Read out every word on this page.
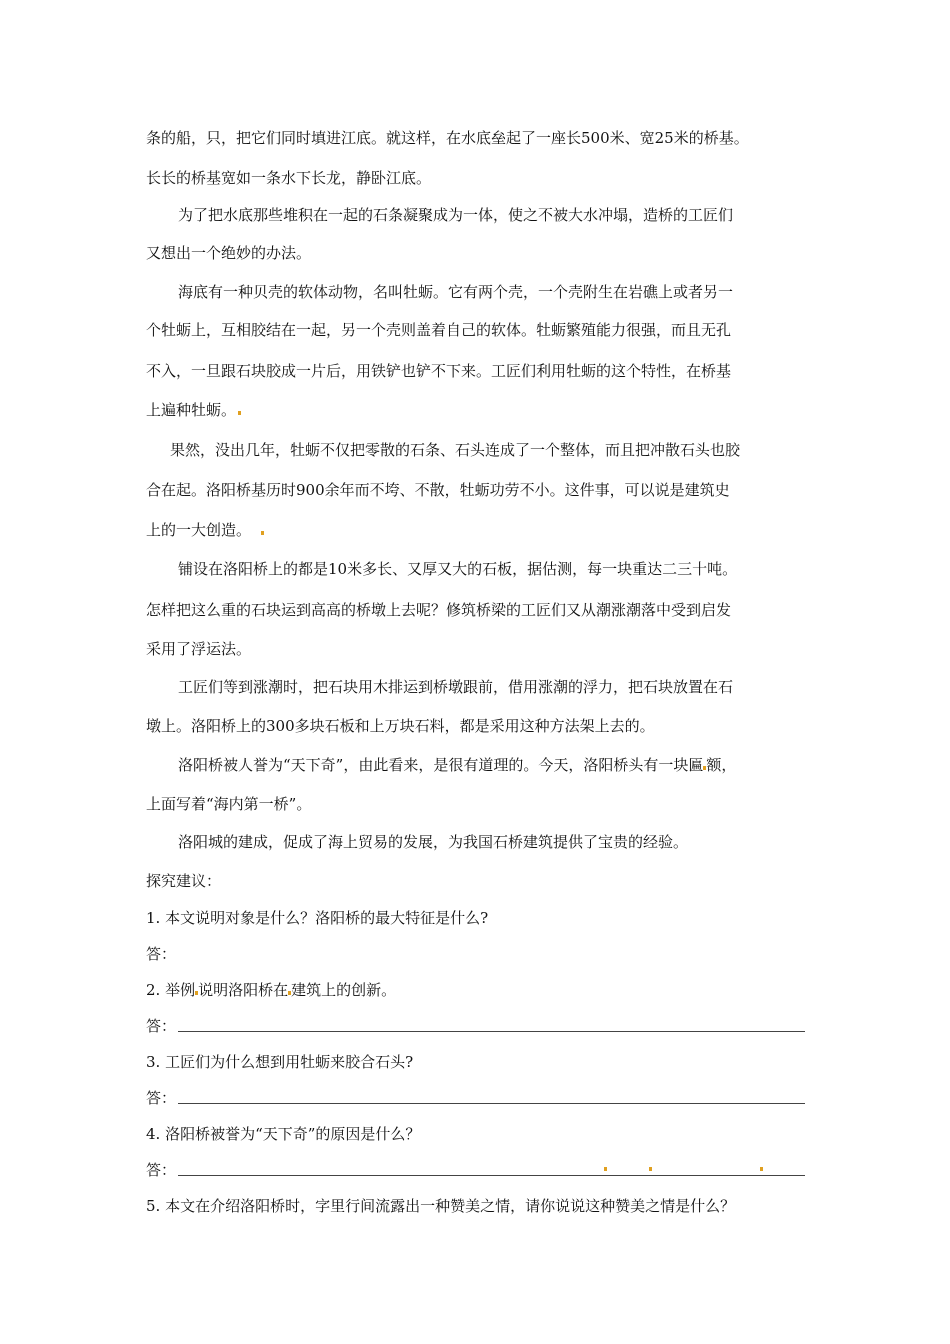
条的船，只，把它们同时填进江底。就这样，在水底垒起了一座长500米、宽25米的桥基。
长长的桥基宽如一条水下长龙，静卧江底。
为了把水底那些堆积在一起的石条凝聚成为一体，使之不被大水冲塌，造桥的工匠们
又想出一个绝妙的办法。
海底有一种贝壳的软体动物，名叫牡蛎。它有两个壳，一个壳附生在岩礁上或者另一
个牡蛎上，互相胶结在一起，另一个壳则盖着自己的软体。牡蛎繁殖能力很强，而且无孔
不入，一旦跟石块胶成一片后，用铁铲也铲不下来。工匠们利用牡蛎的这个特性，在桥基
上遍种牡蛎。
果然，没出几年，牡蛎不仅把零散的石条、石头连成了一个整体，而且把冲散石头也胶
合在起。洛阳桥基历时900余年而不垮、不散，牡蛎功劳不小。这件事，可以说是建筑史
上的一大创造。
铺设在洛阳桥上的都是10米多长、又厚又大的石板，据估测，每一块重达二三十吨。
怎样把这么重的石块运到高高的桥墩上去呢？修筑桥梁的工匠们又从潮涨潮落中受到启发
采用了浮运法。
工匠们等到涨潮时，把石块用木排运到桥墩跟前，借用涨潮的浮力，把石块放置在石
墩上。洛阳桥上的300多块石板和上万块石料，都是采用这种方法架上去的。
洛阳桥被人誉为“天下奇”，由此看来，是很有道理的。今天，洛阳桥头有一块匾 额，
上面写着“海内第一桥”。
洛阳城的建成，促成了海上贸易的发展，为我国石桥建筑提供了宝贵的经验。
探究建议：
1. 本文说明对象是什么？洛阳桥的最大特征是什么?
答：
2. 举例 说明洛阳桥在 建筑上的创新。
答：
3. 工匠们为什么想到用牡蛎来胶合石头?
答：
4. 洛阳桥被誉为“天下奇”的原因是什么？
答：
5. 本文在介绍洛阳桥时，字里行间流露出一种赞美之情，请你说说这种赞美之情是什么？
